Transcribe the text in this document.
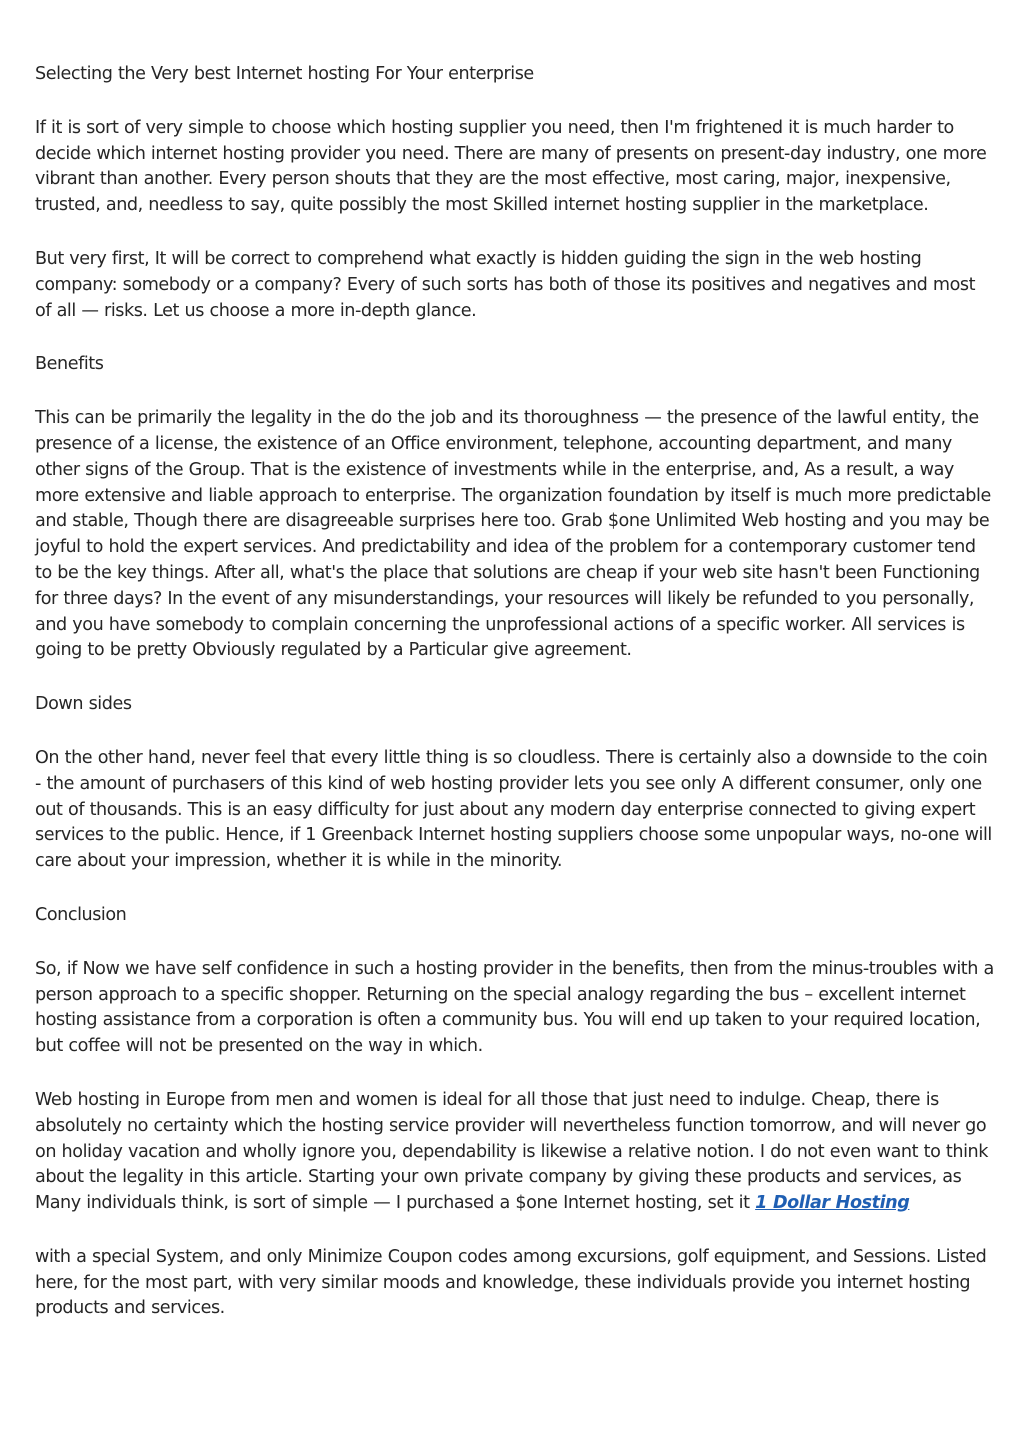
Selecting the Very best Internet hosting For Your enterprise

If it is sort of very simple to choose which hosting supplier you need, then I'm frightened it is much harder to decide which internet hosting provider you need. There are many of presents on present-day industry, one more vibrant than another. Every person shouts that they are the most effective, most caring, major, inexpensive, trusted, and, needless to say, quite possibly the most Skilled internet hosting supplier in the marketplace.

But very first, It will be correct to comprehend what exactly is hidden guiding the sign in the web hosting company: somebody or a company? Every of such sorts has both of those its positives and negatives and most of all — risks. Let us choose a more in-depth glance.

Benefits

This can be primarily the legality in the do the job and its thoroughness — the presence of the lawful entity, the presence of a license, the existence of an Office environment, telephone, accounting department, and many other signs of the Group. That is the existence of investments while in the enterprise, and, As a result, a way more extensive and liable approach to enterprise. The organization foundation by itself is much more predictable and stable, Though there are disagreeable surprises here too. Grab $one Unlimited Web hosting and you may be joyful to hold the expert services. And predictability and idea of the problem for a contemporary customer tend to be the key things. After all, what's the place that solutions are cheap if your web site hasn't been Functioning for three days? In the event of any misunderstandings, your resources will likely be refunded to you personally, and you have somebody to complain concerning the unprofessional actions of a specific worker. All services is going to be pretty Obviously regulated by a Particular give agreement.

Down sides

On the other hand, never feel that every little thing is so cloudless. There is certainly also a downside to the coin - the amount of purchasers of this kind of web hosting provider lets you see only A different consumer, only one out of thousands. This is an easy difficulty for just about any modern day enterprise connected to giving expert services to the public. Hence, if 1 Greenback Internet hosting suppliers choose some unpopular ways, no-one will care about your impression, whether it is while in the minority.

Conclusion

So, if Now we have self confidence in such a hosting provider in the benefits, then from the minus-troubles with a person approach to a specific shopper. Returning on the special analogy regarding the bus – excellent internet hosting assistance from a corporation is often a community bus. You will end up taken to your required location, but coffee will not be presented on the way in which.

Web hosting in Europe from men and women is ideal for all those that just need to indulge. Cheap, there is absolutely no certainty which the hosting service provider will nevertheless function tomorrow, and will never go on holiday vacation and wholly ignore you, dependability is likewise a relative notion. I do not even want to think about the legality in this article. Starting your own private company by giving these products and services, as Many individuals think, is sort of simple — I purchased a $one Internet hosting, set it 1 Dollar Hosting

with a special System, and only Minimize Coupon codes among excursions, golf equipment, and Sessions. Listed here, for the most part, with very similar moods and knowledge, these individuals provide you internet hosting products and services.
